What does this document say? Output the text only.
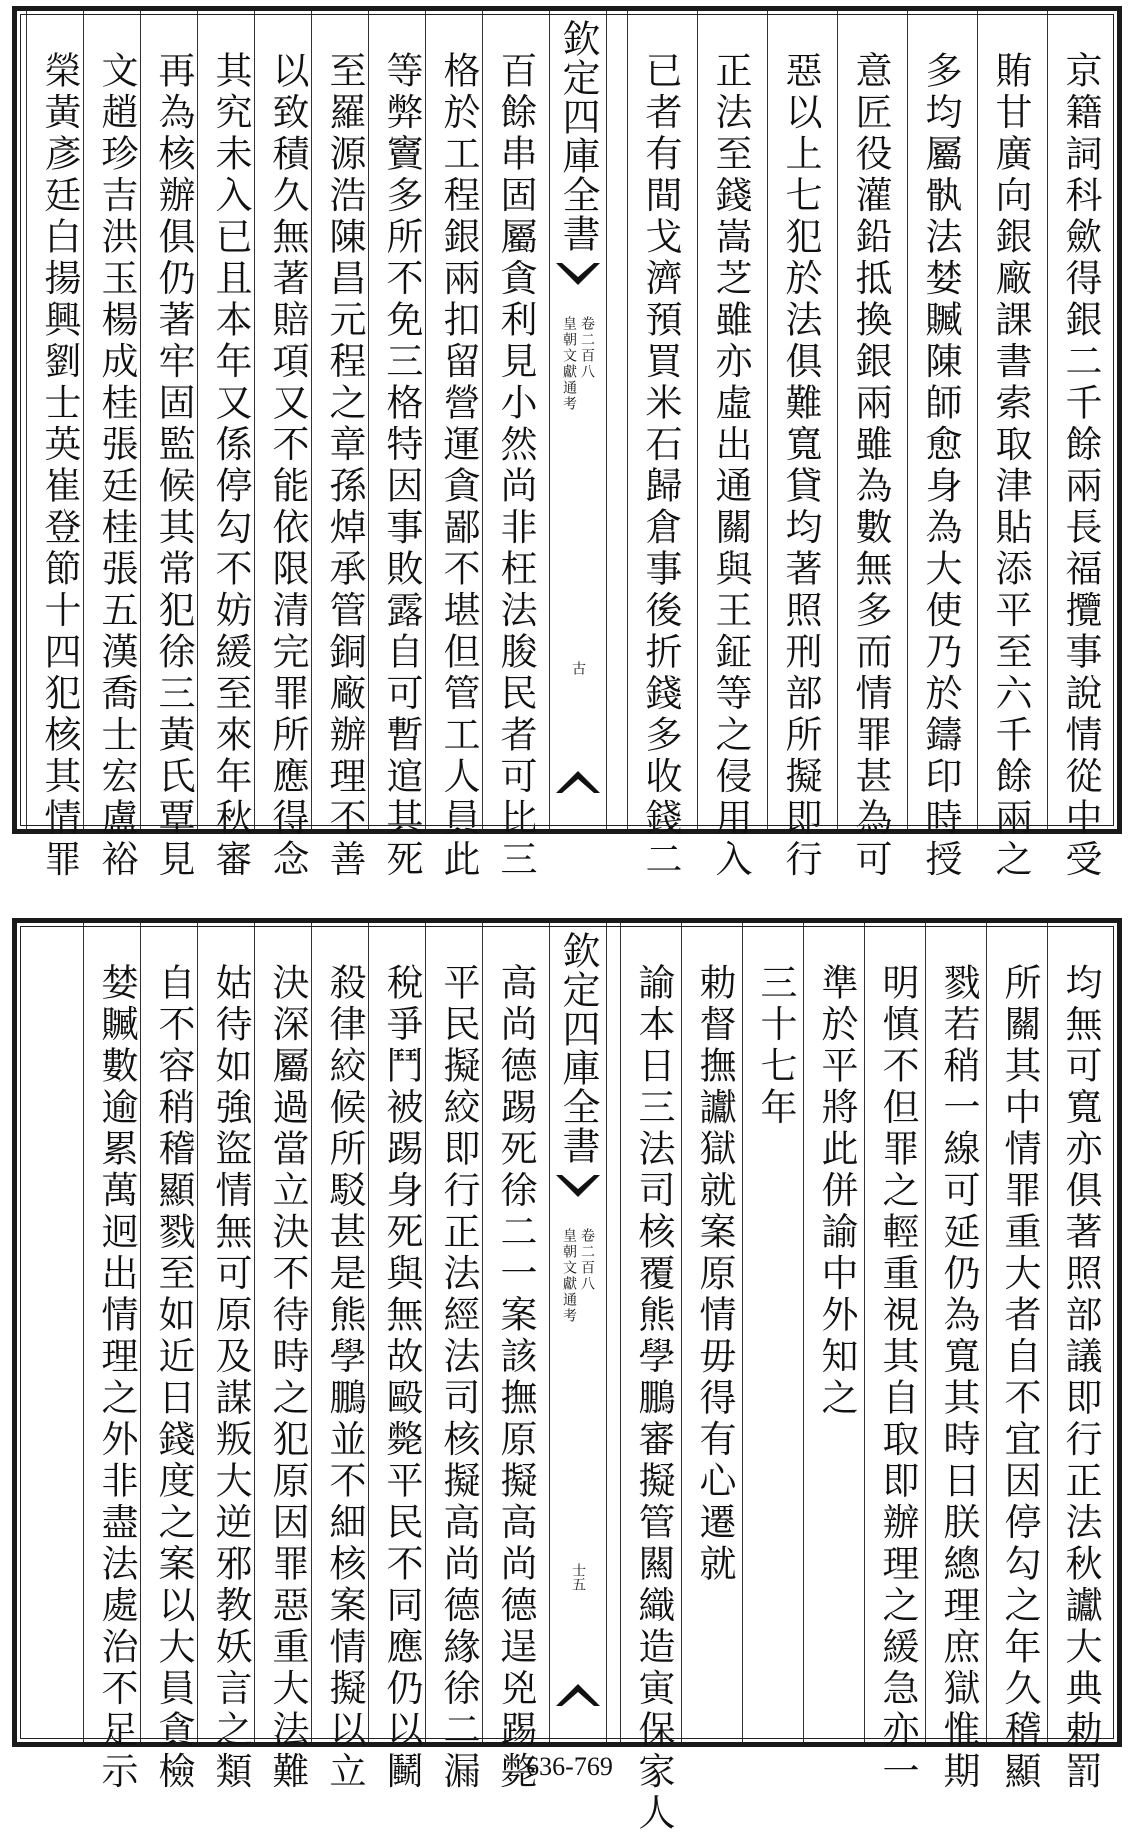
京籍詞科歛得銀二千餘兩長福攬事說情從中受
賄甘廣向銀廠課書索取津貼添平至六千餘兩之
多均屬骫法婪贓陳師愈身為大使乃於鑄印時授
意匠役灌鉛抵換銀兩雖為數無多而情罪甚為可
惡以上七犯於法俱難寬貸均著照刑部所擬即行
正法至錢嵩芝雖亦虛出通關與王鉦等之侵用入
已者有間戈濟預買米石歸倉事後折錢多收錢二
欽定四庫全書
皇朝文獻通考 卷二百八
古
百餘串固屬貪利見小然尚非枉法朘民者可比三
格於工程銀兩扣留營運貪鄙不堪但管工人員此
等弊竇多所不免三格特因事敗露自可暫逭其死
至羅源浩陳昌元程之章孫焯承管銅廠辦理不善
以致積久無著賠項又不能依限清完罪所應得念
其究未入已且本年又係停勾不妨緩至來年秋審
再為核辦俱仍著牢固監候其常犯徐三黃氏覃見
文趙珍吉洪玉楊成桂張廷桂張五漢喬士宏盧裕
榮黃彥廷白揚興劉士英崔登節十四犯核其情罪
均無可寬亦俱著照部議即行正法秋讞大典勅罰
所關其中情罪重大者自不宜因停勾之年久稽顯
戮若稍一線可延仍為寬其時日朕總理庶獄惟期
明慎不但罪之輕重視其自取即辦理之緩急亦一
準於平將此併諭中外知之
三十七年
勅督撫讞獄就案原情毋得有心遷就
諭本日三法司核覆熊學鵬審擬管闗織造寅保家人
欽定四庫全書
皇朝文獻通考 卷二百八
士五
高尚德踢死徐二一案該撫原擬高尚德逞兇踢斃
平民擬絞即行正法經法司核擬高尚德緣徐二漏
稅爭鬥被踢身死與無故毆斃平民不同應仍以鬭
殺律絞候所駁甚是熊學鵬並不細核案情擬以立
決深屬過當立決不待時之犯原因罪惡重大法難
姑待如強盜情無可原及謀叛大逆邪教妖言之類
自不容稍稽顯戮至如近日錢度之案以大員貪檢
婪贓數逾累萬迥出情理之外非盡法處治不足示	636-769
